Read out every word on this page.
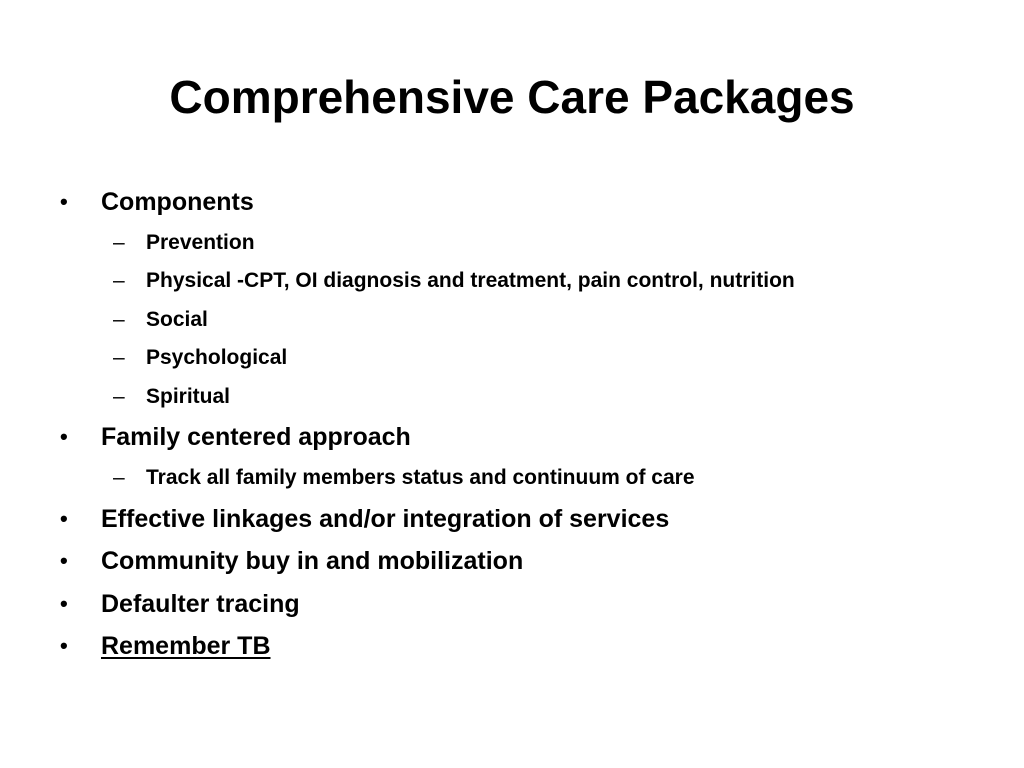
Comprehensive Care Packages
• Components
– Prevention
– Physical -CPT, OI diagnosis and treatment, pain control, nutrition
– Social
– Psychological
– Spiritual
• Family centered approach
– Track all family members status and continuum of care
• Effective linkages and/or integration of services
• Community buy in and mobilization
• Defaulter tracing
• Remember TB
